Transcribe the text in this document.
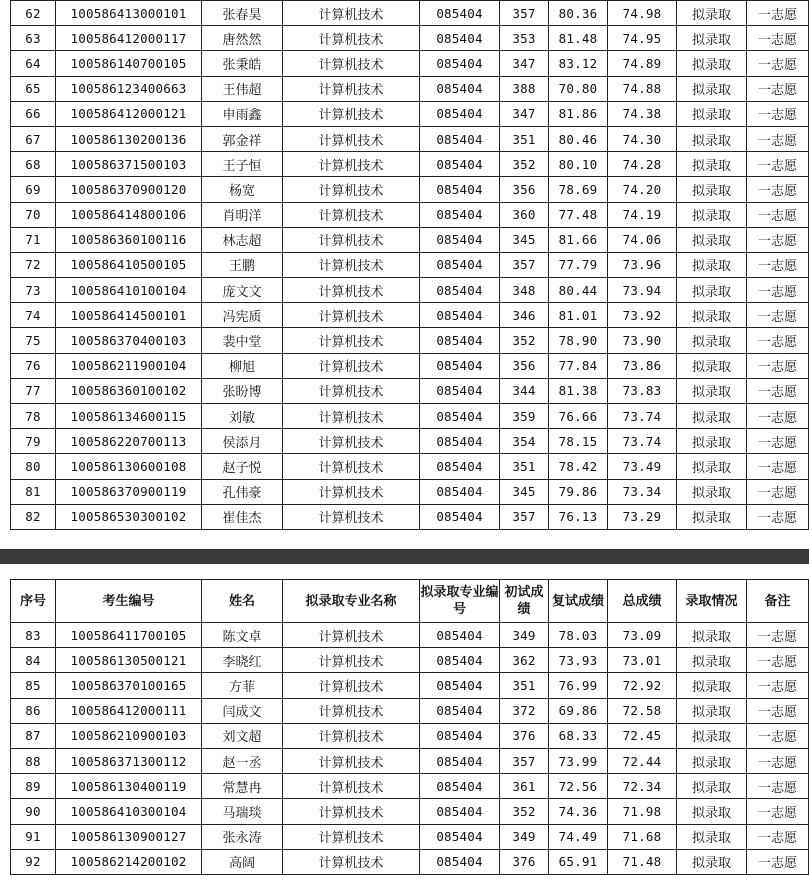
62	100586413000101	张春昊	计算机技术	085404	357	80.36	74.98	拟录取	一志愿
63	100586412000117	唐然然	计算机技术	085404	353	81.48	74.95	拟录取	一志愿
64	100586140700105	张秉皓	计算机技术	085404	347	83.12	74.89	拟录取	一志愿
65	100586123400663	王伟超	计算机技术	085404	388	70.80	74.88	拟录取	一志愿
66	100586412000121	申雨鑫	计算机技术	085404	347	81.86	74.38	拟录取	一志愿
67	100586130200136	郭金祥	计算机技术	085404	351	80.46	74.30	拟录取	一志愿
68	100586371500103	王子恒	计算机技术	085404	352	80.10	74.28	拟录取	一志愿
69	100586370900120	杨宽	计算机技术	085404	356	78.69	74.20	拟录取	一志愿
70	100586414800106	肖明洋	计算机技术	085404	360	77.48	74.19	拟录取	一志愿
71	100586360100116	林志超	计算机技术	085404	345	81.66	74.06	拟录取	一志愿
72	100586410500105	王鹏	计算机技术	085404	357	77.79	73.96	拟录取	一志愿
73	100586410100104	庞文文	计算机技术	085404	348	80.44	73.94	拟录取	一志愿
74	100586414500101	冯宪质	计算机技术	085404	346	81.01	73.92	拟录取	一志愿
75	100586370400103	裴中堂	计算机技术	085404	352	78.90	73.90	拟录取	一志愿
76	100586211900104	柳旭	计算机技术	085404	356	77.84	73.86	拟录取	一志愿
77	100586360100102	张盼博	计算机技术	085404	344	81.38	73.83	拟录取	一志愿
78	100586134600115	刘敏	计算机技术	085404	359	76.66	73.74	拟录取	一志愿
79	100586220700113	侯添月	计算机技术	085404	354	78.15	73.74	拟录取	一志愿
80	100586130600108	赵子悦	计算机技术	085404	351	78.42	73.49	拟录取	一志愿
81	100586370900119	孔伟豪	计算机技术	085404	345	79.86	73.34	拟录取	一志愿
82	100586530300102	崔佳杰	计算机技术	085404	357	76.13	73.29	拟录取	一志愿
序号	考生编号	姓名	拟录取专业名称	拟录取专业编号	初试成绩	复试成绩	总成绩	录取情况	备注
83	100586411700105	陈文卓	计算机技术	085404	349	78.03	73.09	拟录取	一志愿
84	100586130500121	李晓红	计算机技术	085404	362	73.93	73.01	拟录取	一志愿
85	100586370100165	方菲	计算机技术	085404	351	76.99	72.92	拟录取	一志愿
86	100586412000111	闫成文	计算机技术	085404	372	69.86	72.58	拟录取	一志愿
87	100586210900103	刘文超	计算机技术	085404	376	68.33	72.45	拟录取	一志愿
88	100586371300112	赵一丞	计算机技术	085404	357	73.99	72.44	拟录取	一志愿
89	100586130400119	常慧冉	计算机技术	085404	361	72.56	72.34	拟录取	一志愿
90	100586410300104	马瑞琰	计算机技术	085404	352	74.36	71.98	拟录取	一志愿
91	100586130900127	张永涛	计算机技术	085404	349	74.49	71.68	拟录取	一志愿
92	100586214200102	高阔	计算机技术	085404	376	65.91	71.48	拟录取	一志愿
